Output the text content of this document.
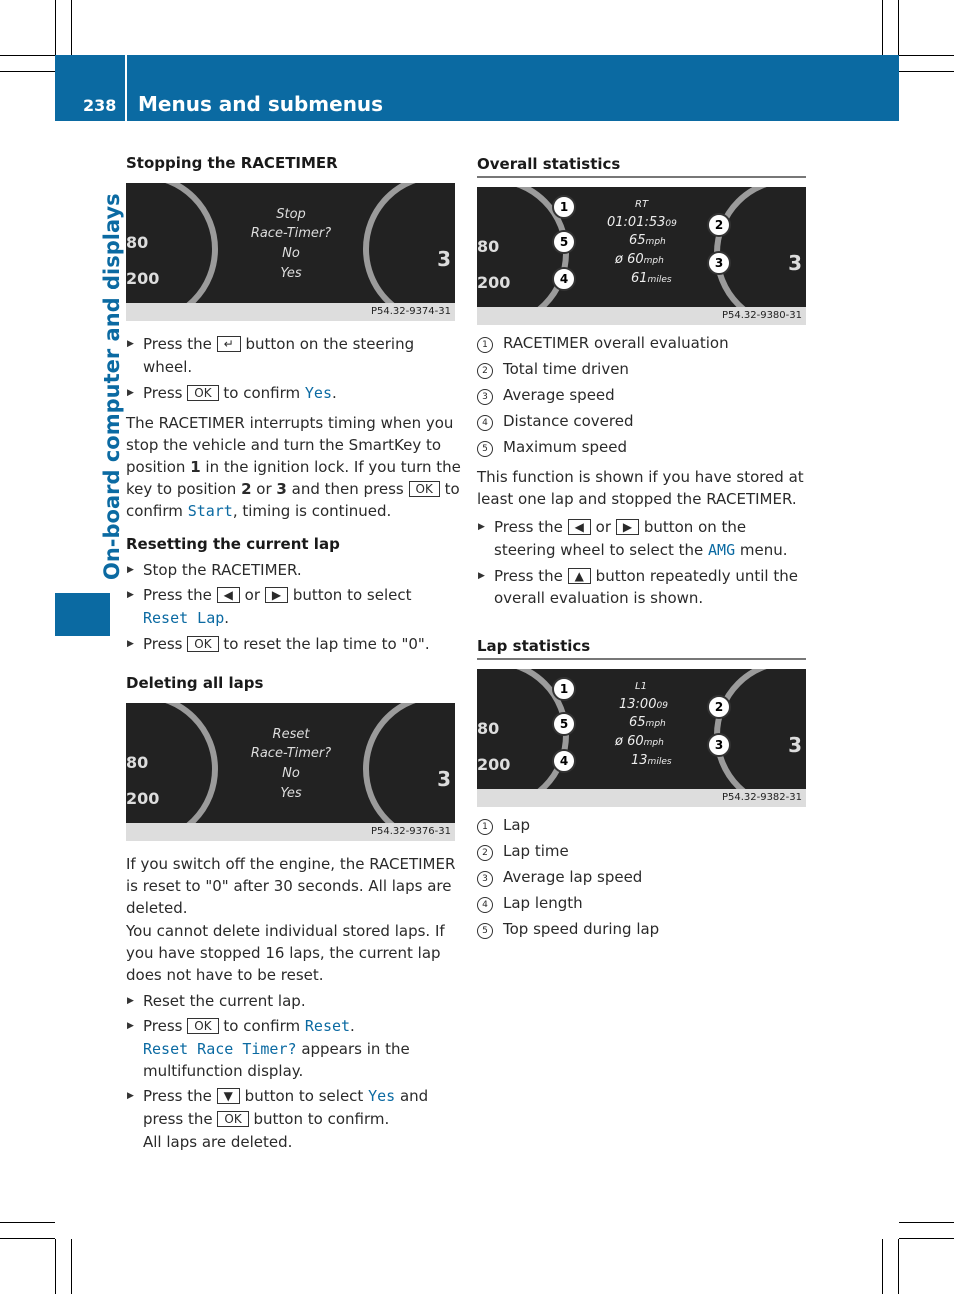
238 Menus and submenus
On-board computer and displays
Stopping the RACETIMER
80
200
3
Stop
Race-Timer?
No
Yes
P54.32-9374-31
▶ Press the ↵ button on the steering
wheel.
▶ Press OK to confirm Yes.
The RACETIMER interrupts timing when you
stop the vehicle and turn the SmartKey to
position 1 in the ignition lock. If you turn the
key to position 2 or 3 and then press OK to
confirm Start, timing is continued.
Resetting the current lap
▶ Stop the RACETIMER.
▶ Press the ◀ or ▶ button to select
Reset Lap.
▶ Press OK to reset the lap time to "0".
Deleting all laps
80
200
3
Reset
Race-Timer?
No
Yes
P54.32-9376-31
If you switch off the engine, the RACETIMER
is reset to "0" after 30 seconds. All laps are
deleted.
You cannot delete individual stored laps. If
you have stopped 16 laps, the current lap
does not have to be reset.
▶ Reset the current lap.
▶ Press OK to confirm Reset.
Reset Race Timer? appears in the
multifunction display.
▶ Press the ▼ button to select Yes and
press the OK button to confirm.
All laps are deleted.
Overall statistics
80
200
3
RT
01:01:5309
65mph
ø 60mph
61miles
1
5
4
2
3
P54.32-9380-31
1 RACETIMER overall evaluation
2 Total time driven
3 Average speed
4 Distance covered
5 Maximum speed
This function is shown if you have stored at
least one lap and stopped the RACETIMER.
▶ Press the ◀ or ▶ button on the
steering wheel to select the AMG menu.
▶ Press the ▲ button repeatedly until the
overall evaluation is shown.
Lap statistics
80
200
3
L1
13:0009
65mph
ø 60mph
13miles
1
5
4
2
3
P54.32-9382-31
1 Lap
2 Lap time
3 Average lap speed
4 Lap length
5 Top speed during lap
